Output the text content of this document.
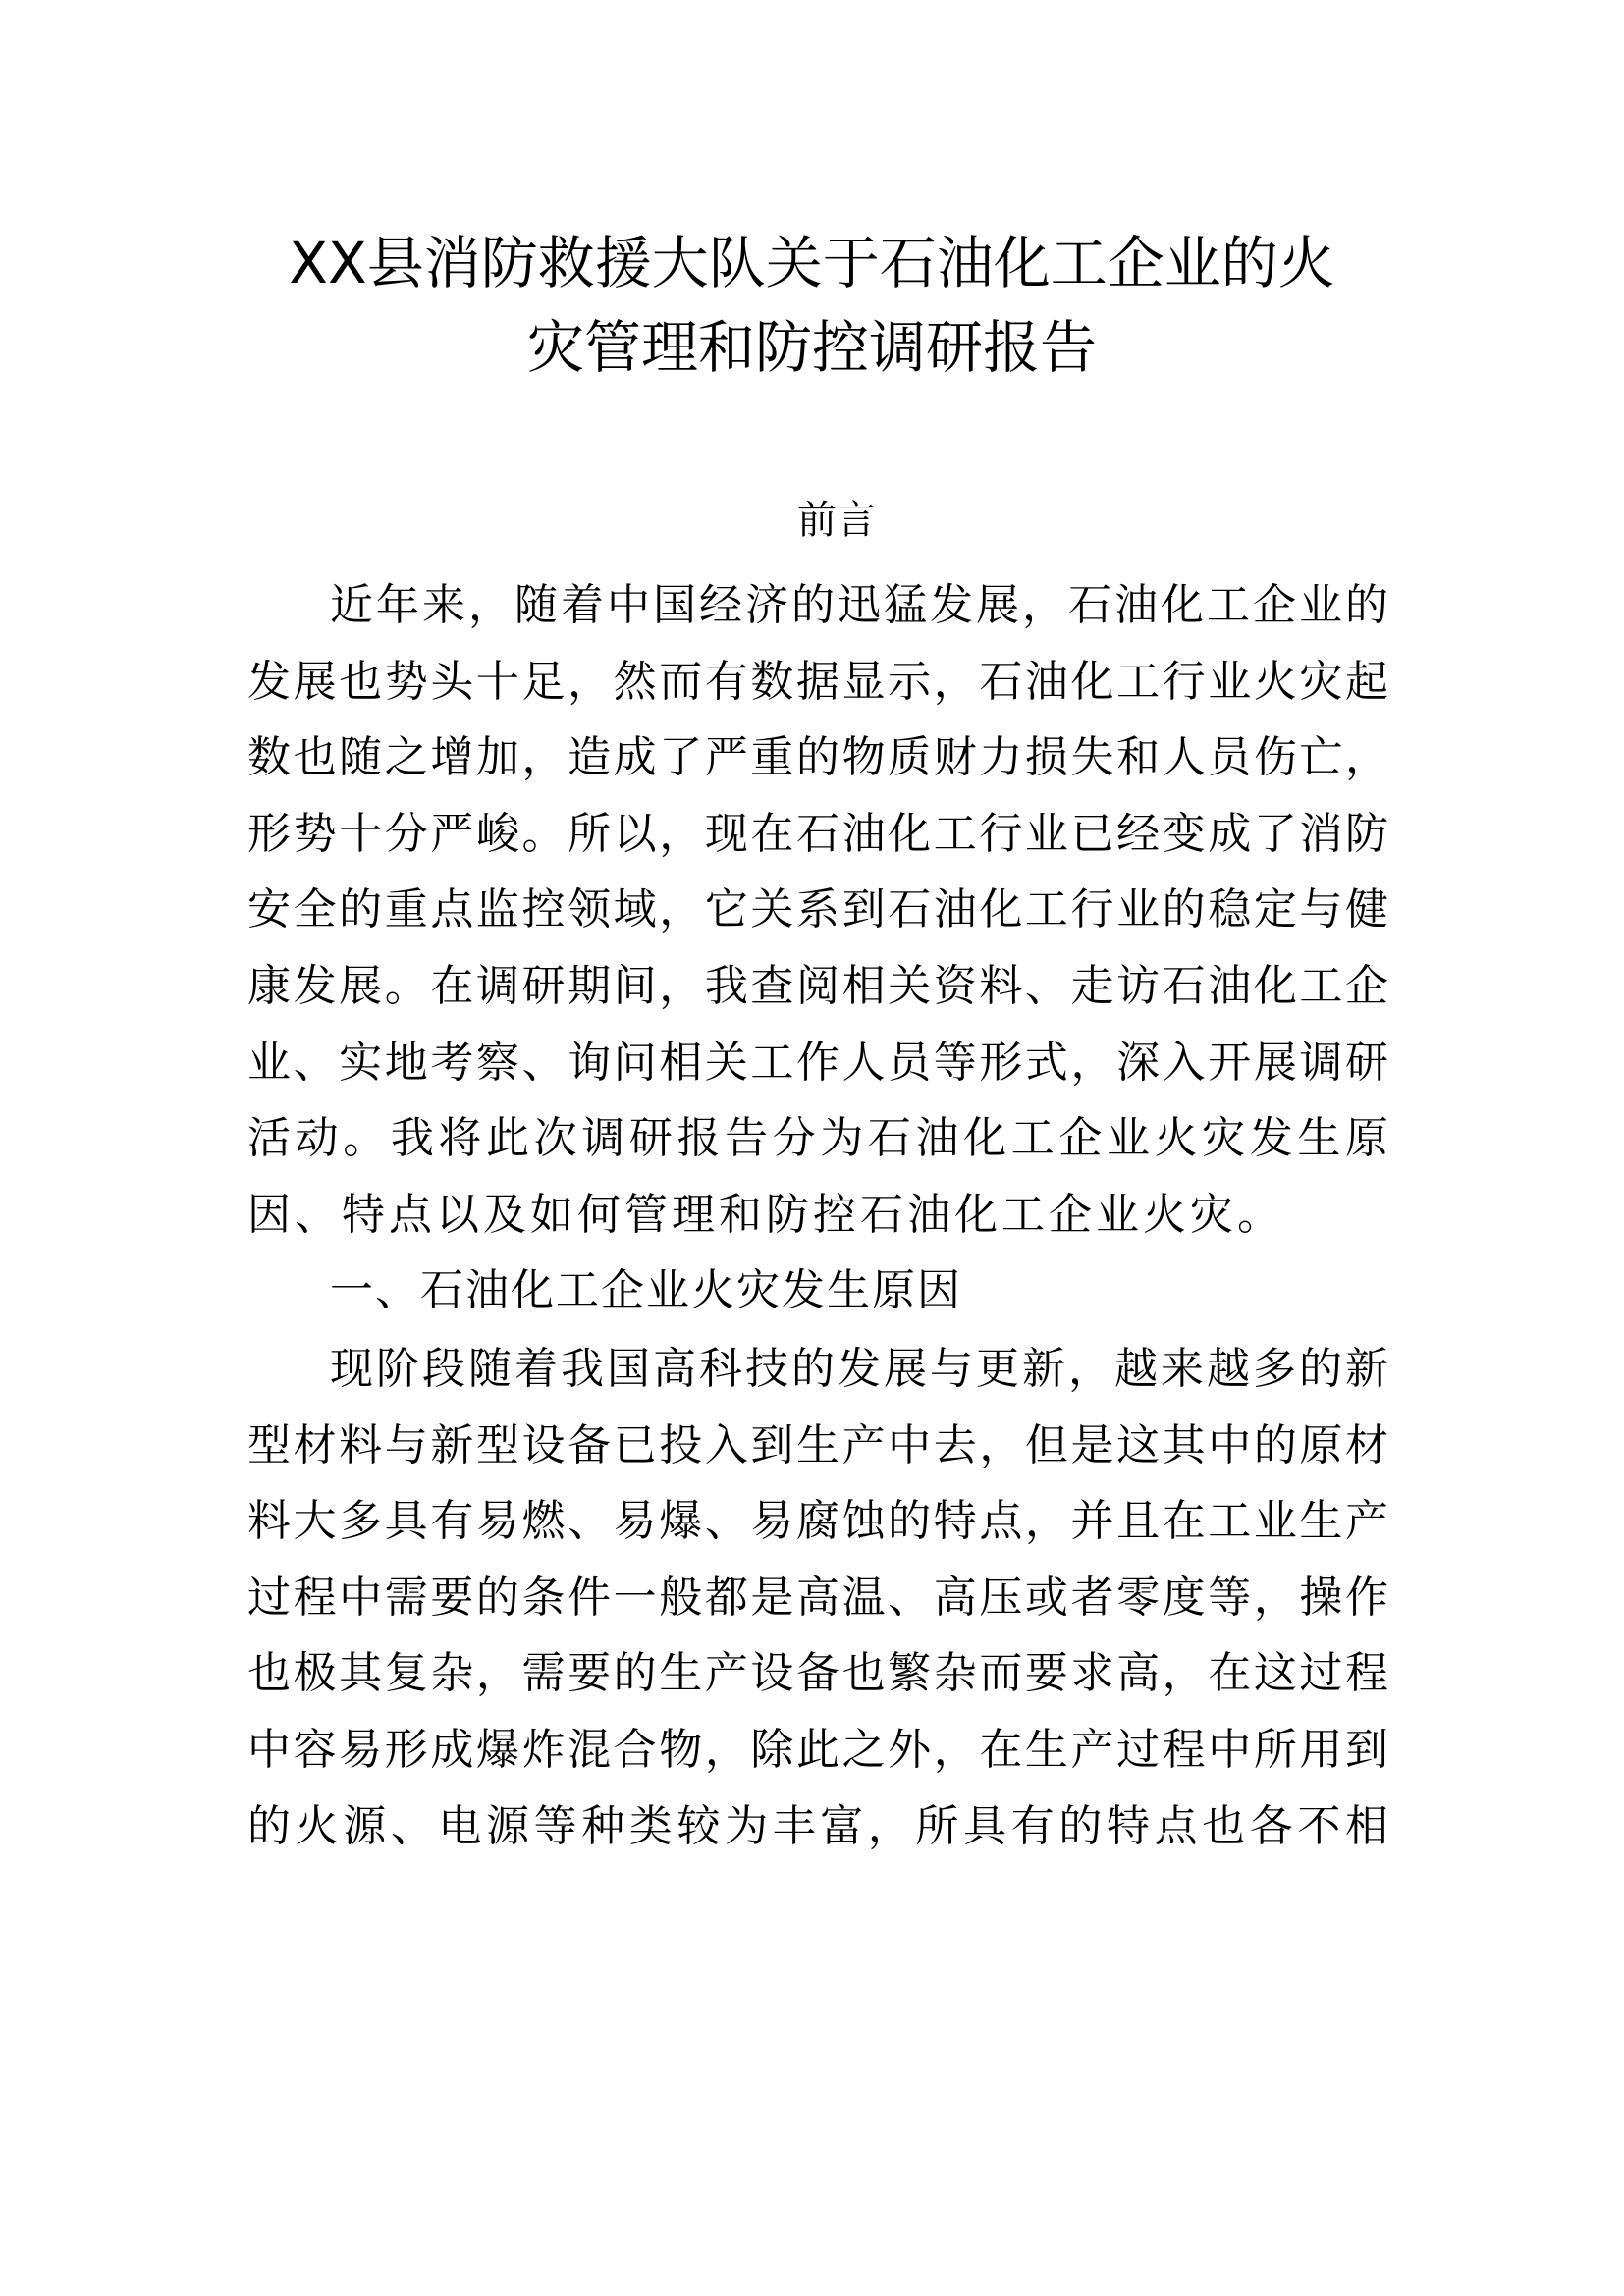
XX县消防救援大队关于石油化工企业的火
灾管理和防控调研报告
前言
近年来，随着中国经济的迅猛发展，石油化工企业的
发展也势头十足，然而有数据显示，石油化工行业火灾起
数也随之增加，造成了严重的物质财力损失和人员伤亡，
形势十分严峻。所以，现在石油化工行业已经变成了消防
安全的重点监控领域，它关系到石油化工行业的稳定与健
康发展。在调研期间，我查阅相关资料、走访石油化工企
业、实地考察、询问相关工作人员等形式，深入开展调研
活动。我将此次调研报告分为石油化工企业火灾发生原
因、特点以及如何管理和防控石油化工企业火灾。
一、石油化工企业火灾发生原因
现阶段随着我国高科技的发展与更新，越来越多的新
型材料与新型设备已投入到生产中去，但是这其中的原材
料大多具有易燃、易爆、易腐蚀的特点，并且在工业生产
过程中需要的条件一般都是高温、高压或者零度等，操作
也极其复杂，需要的生产设备也繁杂而要求高，在这过程
中容易形成爆炸混合物，除此之外，在生产过程中所用到
的火源、电源等种类较为丰富，所具有的特点也各不相
